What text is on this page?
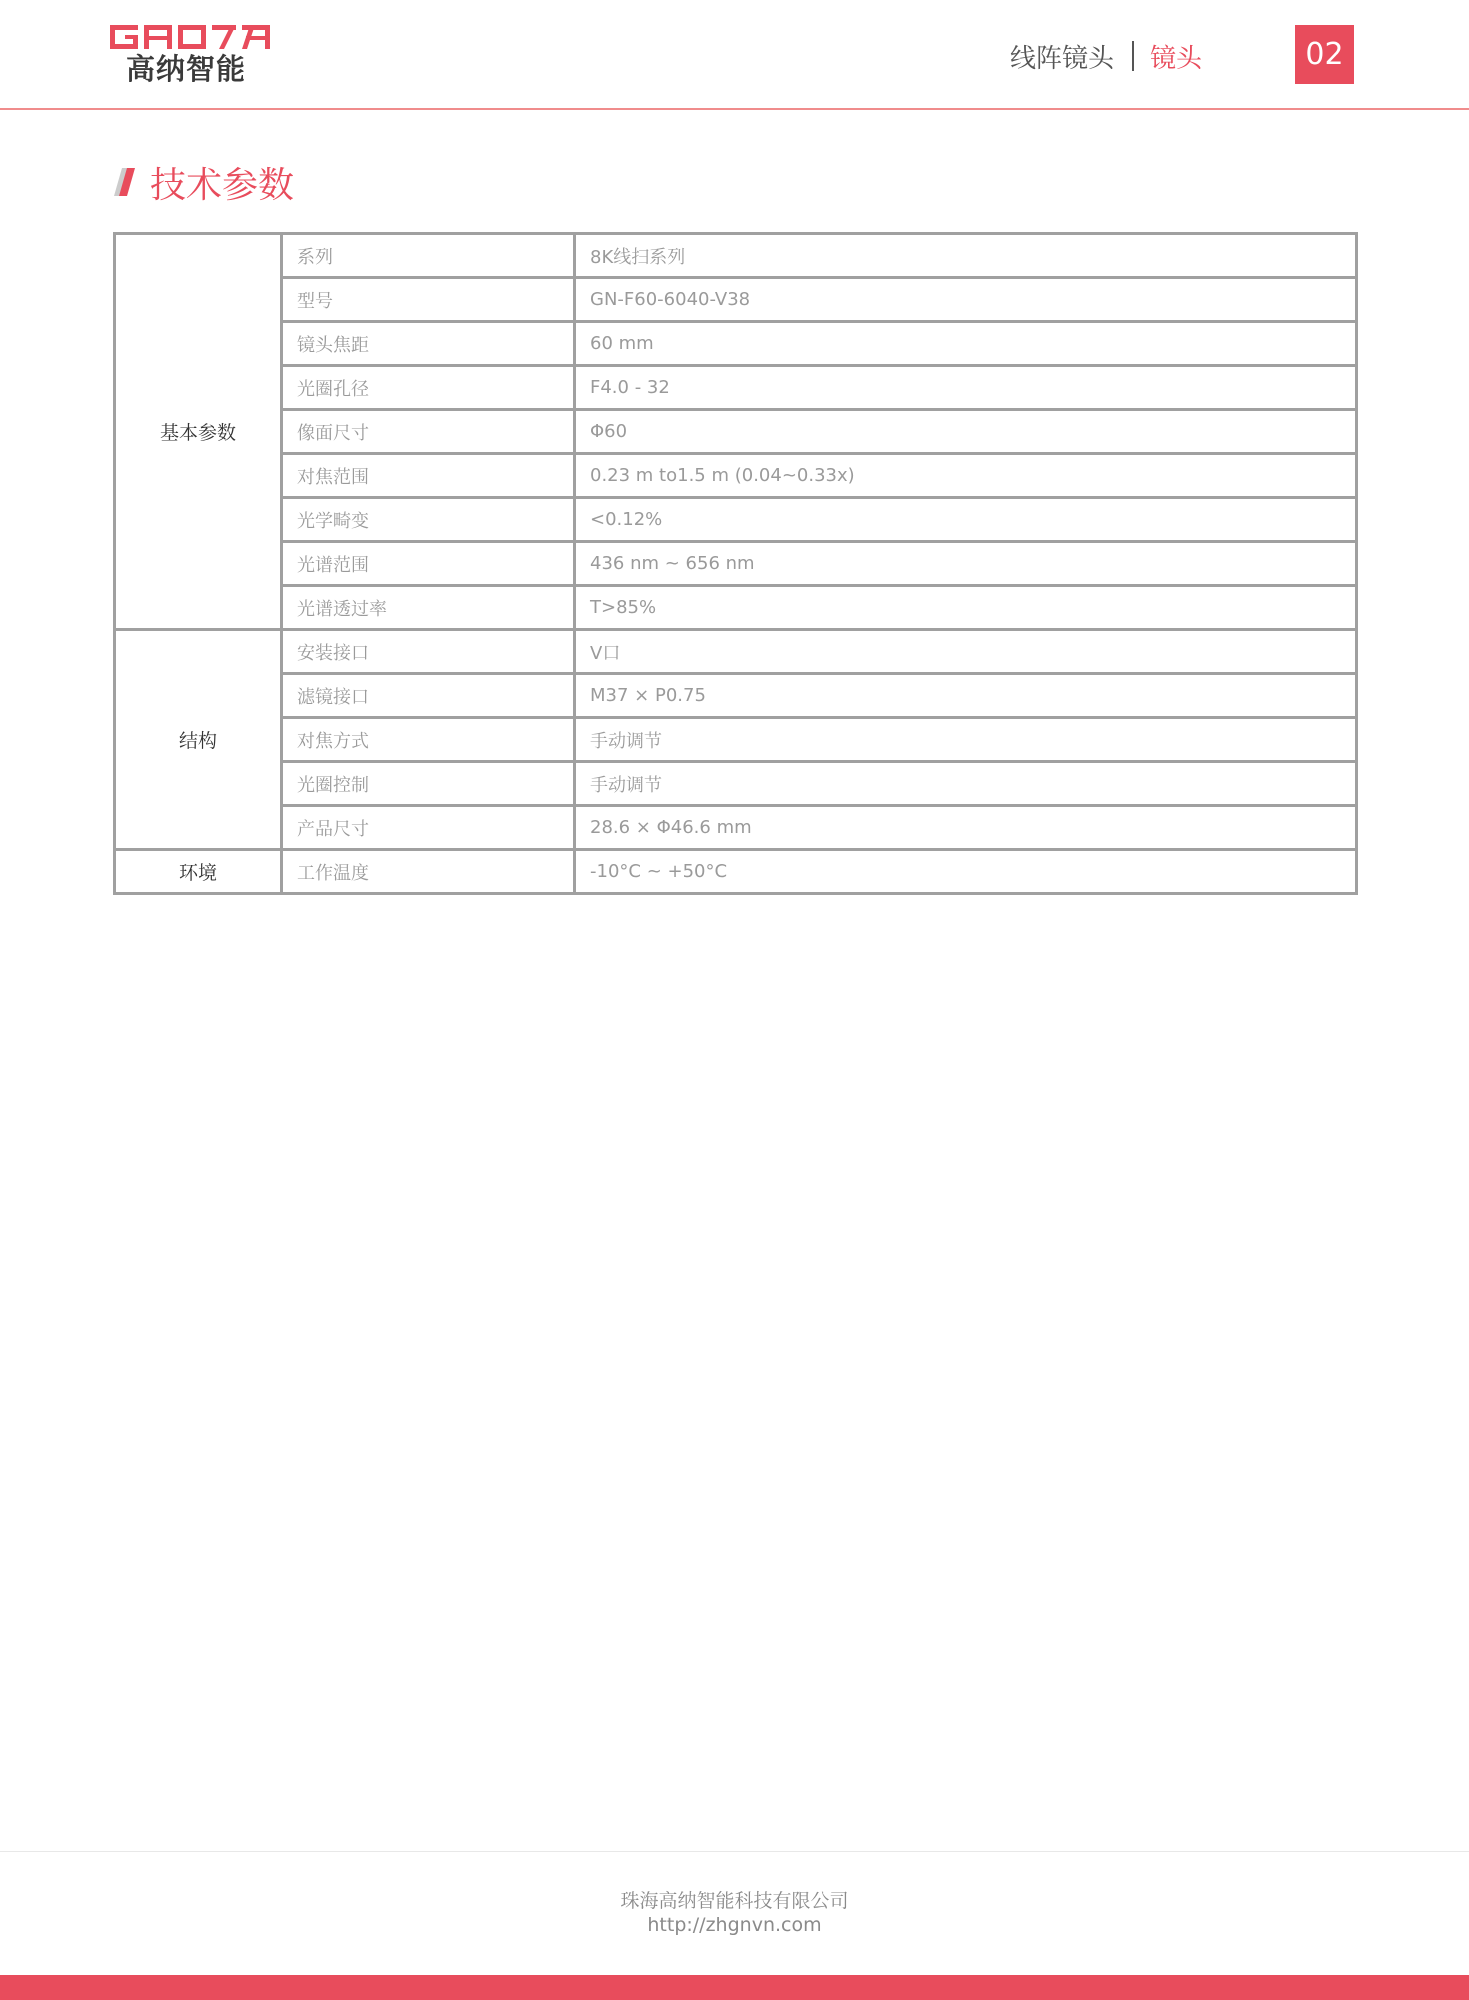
高纳智能	线阵镜头 镜头	02
技术参数
基本参数	系列	8K线扫系列
	型号	GN-F60-6040-V38
	镜头焦距	60 mm
	光圈孔径	F4.0 - 32
	像面尺寸	Φ60
	对焦范围	0.23 m to1.5 m (0.04~0.33x)
	光学畸变	<0.12%
	光谱范围	436 nm ~ 656 nm
	光谱透过率	T>85%
结构	安装接口	V口
	滤镜接口	M37 × P0.75
	对焦方式	手动调节
	光圈控制	手动调节
	产品尺寸	28.6 × Φ46.6 mm
环境	工作温度	-10°C ~ +50°C
珠海高纳智能科技有限公司
http://zhgnvn.com
